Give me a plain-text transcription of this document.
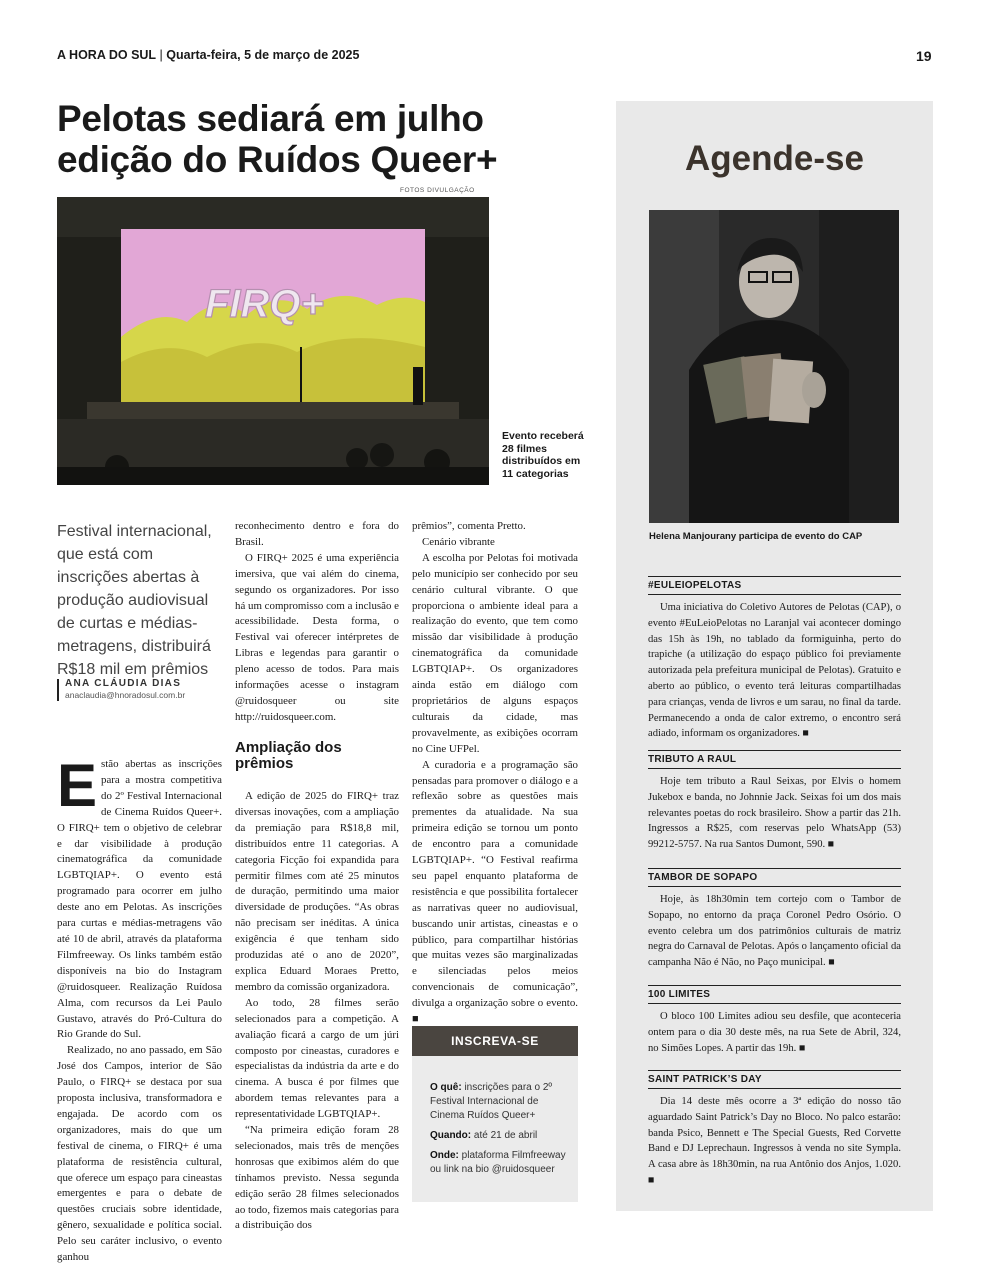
A HORA DO SUL | Quarta-feira, 5 de março de 2025	19
Pelotas sediará em julho edição do Ruídos Queer+
FOTOS DIVULGAÇÃO
FIRQ+
Evento receberá 28 filmes distribuídos em 11 categorias
Festival internacional, que está com inscrições abertas à produção audiovisual de curtas e médias-metragens, distribuirá R$18 mil em prêmios
ANA CLÁUDIA DIAS
anaclaudia@hnoradosul.com.br

Estão abertas as inscrições para a mostra competitiva do 2º Festival Internacional de Cinema Ruídos Queer+. O FIRQ+ tem o objetivo de celebrar e dar visibilidade à produção cinematográfica da comunidade LGBTQIAP+. O evento está programado para ocorrer em julho deste ano em Pelotas. As inscrições para curtas e médias-metragens vão até 10 de abril, através da plataforma Filmfreeway. Os links também estão disponíveis na bio do Instagram @ruidosqueer. Realização Ruídosa Alma, com recursos da Lei Paulo Gustavo, através do Pró-Cultura do Rio Grande do Sul.

Realizado, no ano passado, em São José dos Campos, interior de São Paulo, o FIRQ+ se destaca por sua proposta inclusiva, transformadora e engajada. De acordo com os organizadores, mais do que um festival de cinema, o FIRQ+ é uma plataforma de resistência cultural, que oferece um espaço para cineastas emergentes e para o debate de questões cruciais sobre identidade, gênero, sexualidade e política social. Pelo seu caráter inclusivo, o evento ganhou

reconhecimento dentro e fora do Brasil.

O FIRQ+ 2025 é uma experiência imersiva, que vai além do cinema, segundo os organizadores. Por isso há um compromisso com a inclusão e acessibilidade. Desta forma, o Festival vai oferecer intérpretes de Libras e legendas para garantir o pleno acesso de todos. Para mais informações acesse o instagram @ruidosqueer ou site http://ruidosqueer.com.

Ampliação dos prêmios

A edição de 2025 do FIRQ+ traz diversas inovações, com a ampliação da premiação para R$18,8 mil, distribuídos entre 11 categorias. A categoria Ficção foi expandida para permitir filmes com até 25 minutos de duração, permitindo uma maior diversidade de produções. “As obras não precisam ser inéditas. A única exigência é que tenham sido produzidas até o ano de 2020”, explica Eduard Moraes Pretto, membro da comissão organizadora.

Ao todo, 28 filmes serão selecionados para a competição. A avaliação ficará a cargo de um júri composto por cineastas, curadores e especialistas da indústria da arte e do cinema. A busca é por filmes que abordem temas relevantes para a representatividade LGBTQIAP+.

“Na primeira edição foram 28 selecionados, mais três de menções honrosas que exibimos além do que tínhamos previsto. Nessa segunda edição serão 28 filmes selecionados ao todo, fizemos mais categorias para a distribuição dos

prêmios”, comenta Pretto.

Cenário vibrante

A escolha por Pelotas foi motivada pelo município ser conhecido por seu cenário cultural vibrante. O que proporciona o ambiente ideal para a realização do evento, que tem como missão dar visibilidade à produção cinematográfica da comunidade LGBTQIAP+. Os organizadores ainda estão em diálogo com proprietários de alguns espaços culturais da cidade, mas provavelmente, as exibições ocorram no Cine UFPel.

A curadoria e a programação são pensadas para promover o diálogo e a reflexão sobre as questões mais prementes da atualidade. Na sua primeira edição se tornou um ponto de encontro para a comunidade LGBTQIAP+. “O Festival reafirma seu papel enquanto plataforma de resistência e que possibilita fortalecer as narrativas queer no audiovisual, buscando unir artistas, cineastas e o público, para compartilhar histórias que muitas vezes são marginalizadas e silenciadas pelos meios convencionais de comunicação”, divulga a organização sobre o evento. ■

INSCREVA-SE

O quê: inscrições para o 2º Festival Internacional de Cinema Ruídos Queer+

Quando: até 21 de abril

Onde: plataforma Filmfreeway ou link na bio @ruidosqueer

Agende-se
Helena Manjourany participa de evento do CAP
#EULEIOPELOTAS

Uma iniciativa do Coletivo Autores de Pelotas (CAP), o evento #EuLeioPelotas no Laranjal vai acontecer domingo das 15h às 19h, no tablado da formiguinha, perto do trapiche (a utilização do espaço público foi previamente autorizada pela prefeitura municipal de Pelotas). Gratuito e aberto ao público, o evento terá leituras compartilhadas para crianças, venda de livros e um sarau, no final da tarde. Permanecendo a onda de calor extremo, o encontro será adiado, informam os organizadores. ■

TRIBUTO A RAUL

Hoje tem tributo a Raul Seixas, por Elvis o homem Jukebox e banda, no Johnnie Jack. Seixas foi um dos mais relevantes poetas do rock brasileiro. Show a partir das 21h. Ingressos a R$25, com reservas pelo WhatsApp (53) 99212-5757. Na rua Santos Dumont, 590. ■

TAMBOR DE SOPAPO

Hoje, às 18h30min tem cortejo com o Tambor de Sopapo, no entorno da praça Coronel Pedro Osório. O evento celebra um dos patrimônios culturais de matriz negra do Carnaval de Pelotas. Após o lançamento oficial da campanha Não é Não, no Paço municipal. ■

100 LIMITES

O bloco 100 Limites adiou seu desfile, que aconteceria ontem para o dia 30 deste mês, na rua Sete de Abril, 324, no Simões Lopes. A partir das 19h. ■

SAINT PATRICK’S DAY

Dia 14 deste mês ocorre a 3ª edição do nosso tão aguardado Saint Patrick’s Day no Bloco. No palco estarão: banda Psico, Bennett e The Special Guests, Red Corvette Band e DJ Leprechaun. Ingressos à venda no site Sympla. A casa abre às 18h30min, na rua Antônio dos Anjos, 1.020. ■
